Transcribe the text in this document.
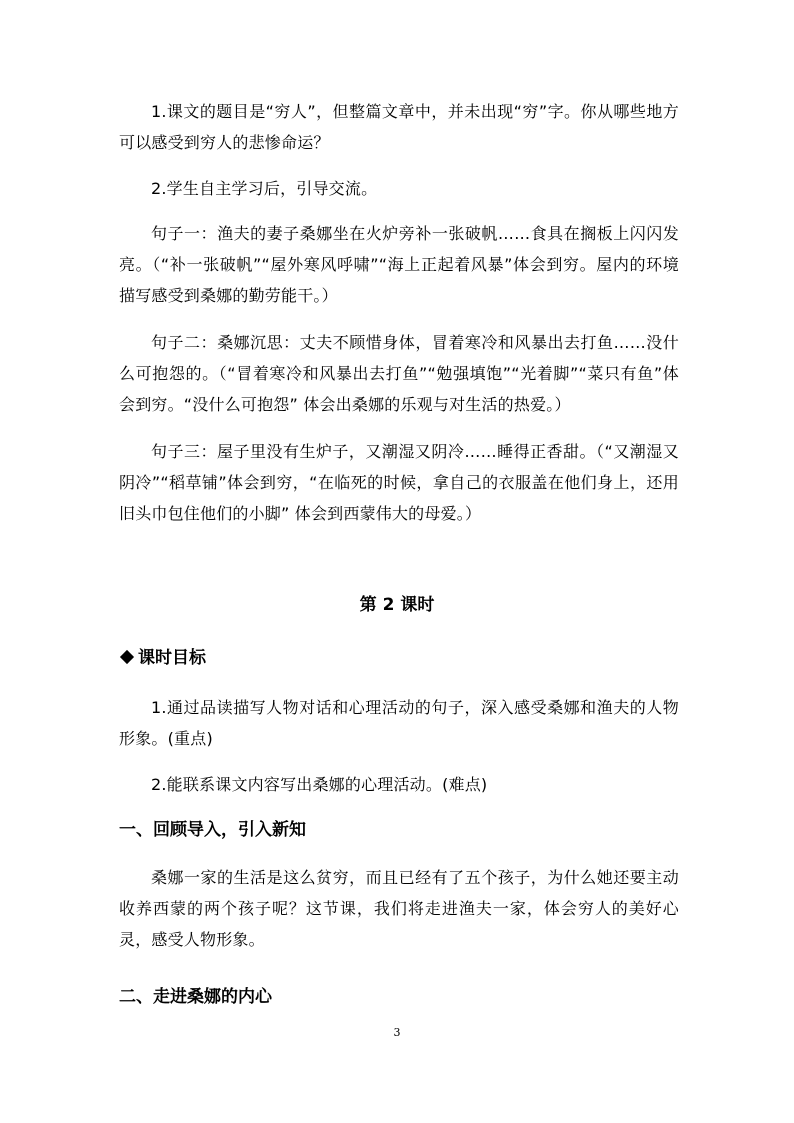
1.课文的题目是“穷人”，但整篇文章中，并未出现“穷”字。你从哪些地方可以感受到穷人的悲惨命运？

2.学生自主学习后，引导交流。

句子一：渔夫的妻子桑娜坐在火炉旁补一张破帆……食具在搁板上闪闪发亮。（“补一张破帆”“屋外寒风呼啸”“海上正起着风暴”体会到穷。屋内的环境描写感受到桑娜的勤劳能干。）

句子二：桑娜沉思：丈夫不顾惜身体，冒着寒冷和风暴出去打鱼……没什么可抱怨的。（“冒着寒冷和风暴出去打鱼”“勉强填饱”“光着脚”“菜只有鱼”体会到穷。“没什么可抱怨” 体会出桑娜的乐观与对生活的热爱。）

句子三：屋子里没有生炉子，又潮湿又阴冷……睡得正香甜。（“又潮湿又阴冷”“稻草铺”体会到穷，“在临死的时候，拿自己的衣服盖在他们身上，还用旧头巾包住他们的小脚” 体会到西蒙伟大的母爱。）

第 2 课时
课时目标

1.通过品读描写人物对话和心理活动的句子，深入感受桑娜和渔夫的人物形象。(重点)

2.能联系课文内容写出桑娜的心理活动。(难点)

一、回顾导入，引入新知

桑娜一家的生活是这么贫穷，而且已经有了五个孩子，为什么她还要主动收养西蒙的两个孩子呢？这节课，我们将走进渔夫一家，体会穷人的美好心灵，感受人物形象。

二、走进桑娜的内心

3
